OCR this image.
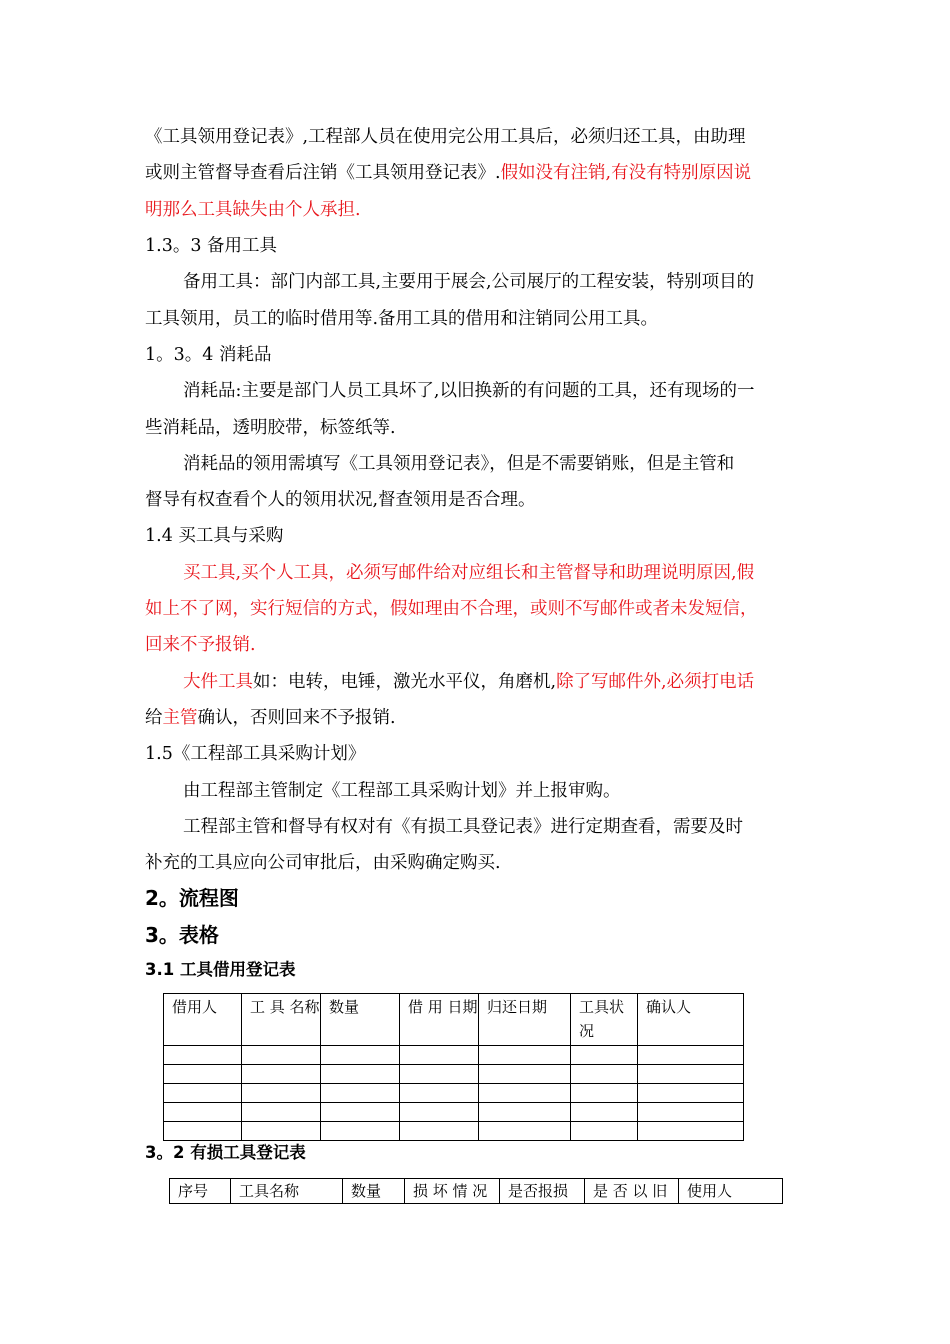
《工具领用登记表》,工程部人员在使用完公用工具后，必须归还工具，由助理
或则主管督导查看后注销《工具领用登记表》.假如没有注销,有没有特别原因说
明那么工具缺失由个人承担.
1.3。3 备用工具
备用工具：部门内部工具,主要用于展会,公司展厅的工程安装，特别项目的
工具领用，员工的临时借用等.备用工具的借用和注销同公用工具。
1。3。4 消耗品
消耗品:主要是部门人员工具坏了,以旧换新的有问题的工具，还有现场的一
些消耗品，透明胶带，标签纸等.
消耗品的领用需填写《工具领用登记表》，但是不需要销账，但是主管和
督导有权查看个人的领用状况,督查领用是否合理。
1.4 买工具与采购
买工具,买个人工具，必须写邮件给对应组长和主管督导和助理说明原因,假
如上不了网，实行短信的方式，假如理由不合理，或则不写邮件或者未发短信，
回来不予报销.
大件工具如：电转，电锤，激光水平仪，角磨机,除了写邮件外,必须打电话
给主管确认，否则回来不予报销.
1.5《工程部工具采购计划》
由工程部主管制定《工程部工具采购计划》并上报审购。
工程部主管和督导有权对有《有损工具登记表》进行定期查看，需要及时
补充的工具应向公司审批后，由采购确定购买.
2。流程图
3。表格
3.1 工具借用登记表
借用人	工 具 名称	数量	借 用 日期	归还日期	工具状况	确认人

3。2 有损工具登记表
序号	工具名称	数量	损 坏 情 况	是否报损	是 否 以 旧	使用人
